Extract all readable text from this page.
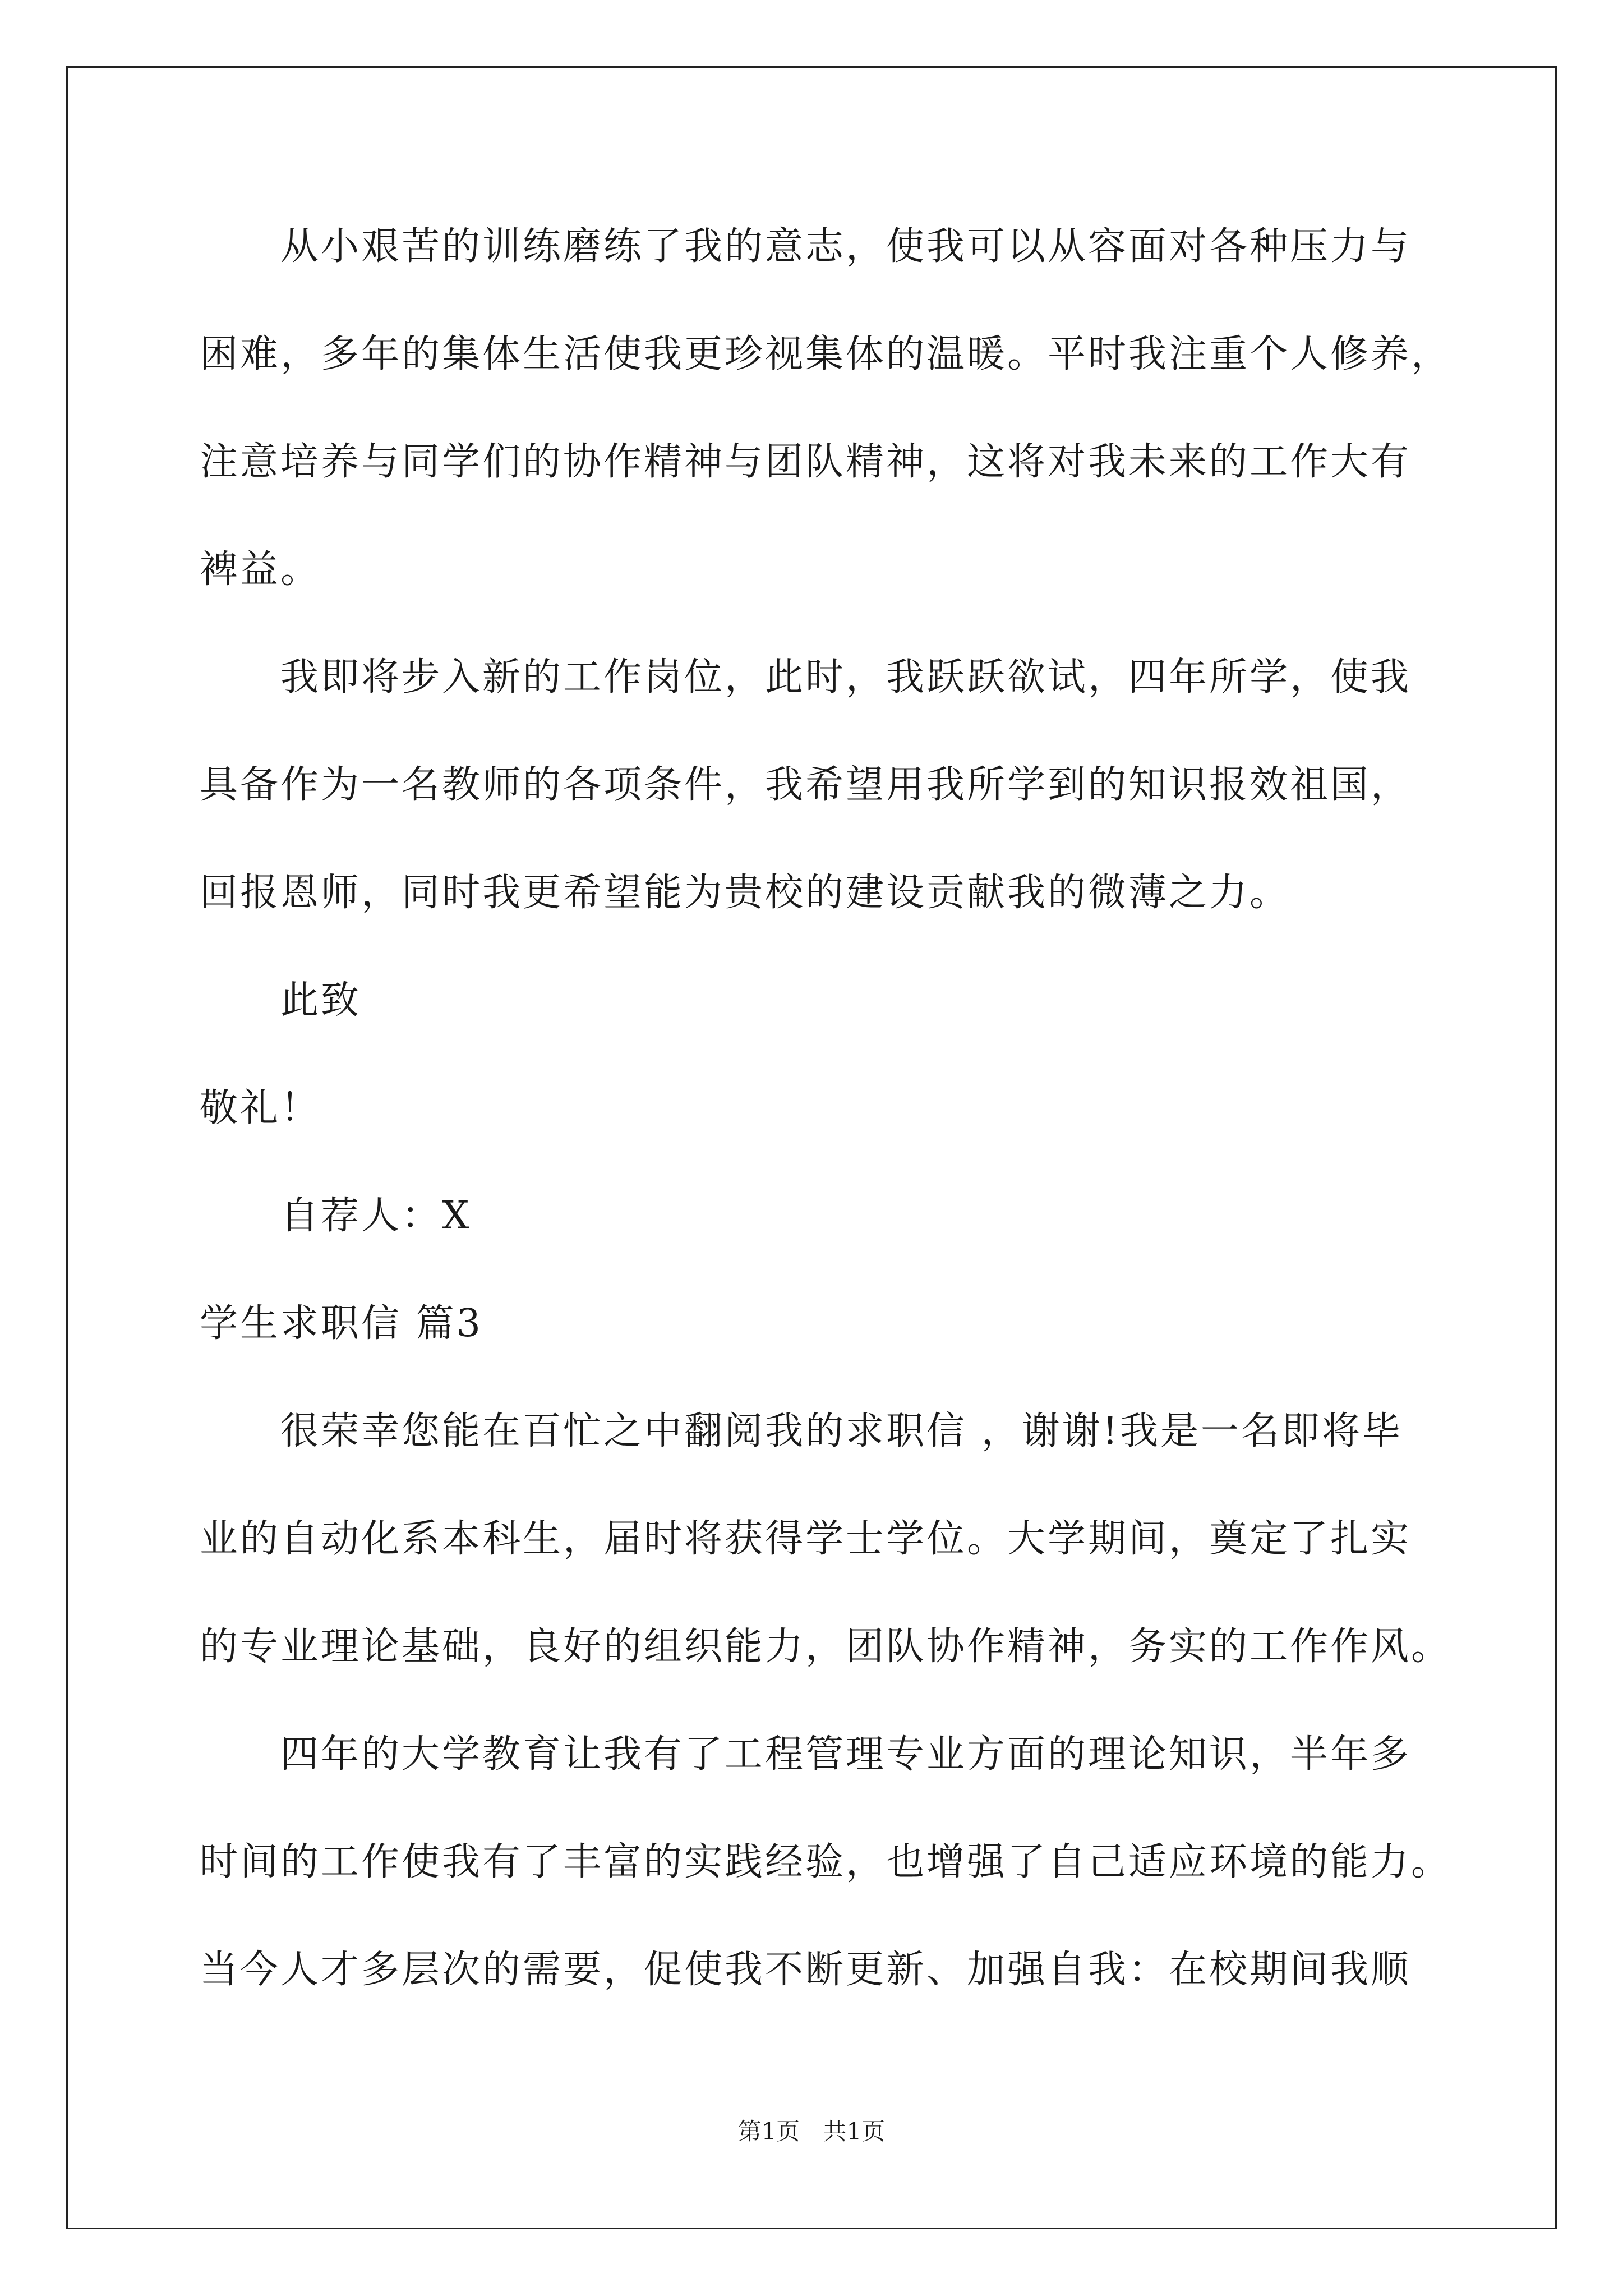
从小艰苦的训练磨练了我的意志，使我可以从容面对各种压力与
困难，多年的集体生活使我更珍视集体的温暖。平时我注重个人修养，
注意培养与同学们的协作精神与团队精神，这将对我未来的工作大有
裨益。
我即将步入新的工作岗位，此时，我跃跃欲试，四年所学，使我
具备作为一名教师的各项条件，我希望用我所学到的知识报效祖国，
回报恩师，同时我更希望能为贵校的建设贡献我的微薄之力。
此致
敬礼！
自荐人：X
学生求职信 篇3
很荣幸您能在百忙之中翻阅我的求职信 ，谢谢!我是一名即将毕
业的自动化系本科生，届时将获得学士学位。大学期间，奠定了扎实
的专业理论基础，良好的组织能力，团队协作精神，务实的工作作风。
四年的大学教育让我有了工程管理专业方面的理论知识，半年多
时间的工作使我有了丰富的实践经验，也增强了自己适应环境的能力。
当今人才多层次的需要，促使我不断更新、加强自我：在校期间我顺
第1页 共1页
